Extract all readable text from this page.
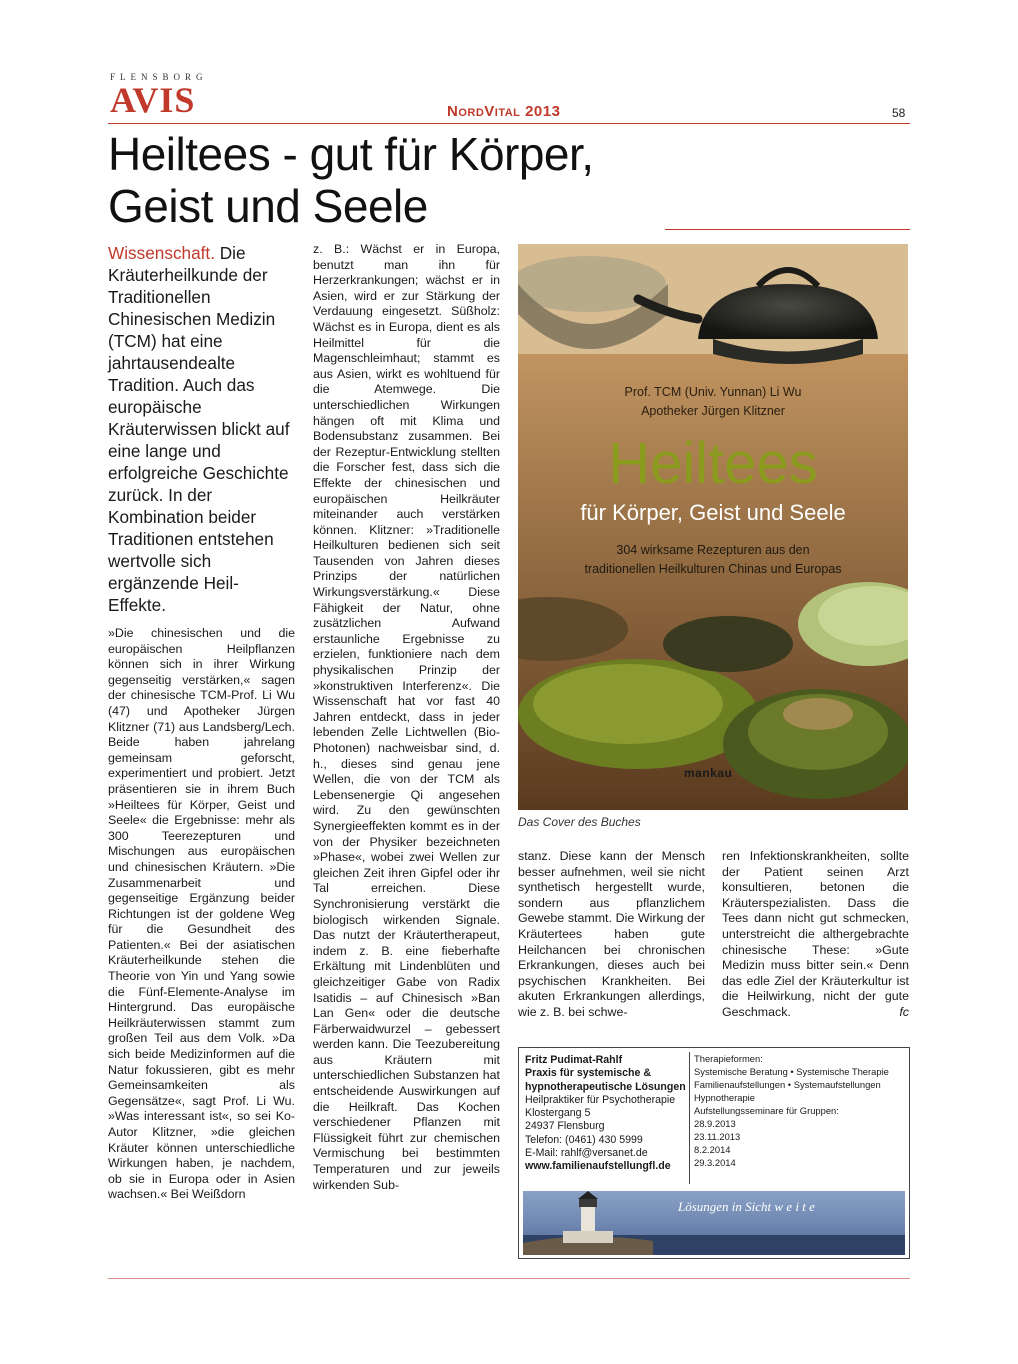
FLENSBORG
AVIS	NordVital 2013	58
Heiltees - gut für Körper, Geist und Seele
Wissenschaft. Die Kräuterheilkunde der Traditionellen Chinesischen Medizin (TCM) hat eine jahrtausendealte Tradition. Auch das europäische Kräuterwissen blickt auf eine lange und erfolgreiche Geschichte zurück. In der Kombination beider Traditionen entstehen wertvolle sich ergänzende Heil-Effekte.
»Die chinesischen und die europäischen Heilpflanzen können sich in ihrer Wirkung gegenseitig verstärken,« sagen der chinesische TCM-Prof. Li Wu (47) und Apotheker Jürgen Klitzner (71) aus Landsberg/Lech. Beide haben jahrelang gemeinsam geforscht, experimentiert und probiert. Jetzt präsentieren sie in ihrem Buch »Heiltees für Körper, Geist und Seele« die Ergebnisse: mehr als 300 Teerezepturen und Mischungen aus europäischen und chinesischen Kräutern. »Die Zusammenarbeit und gegenseitige Ergänzung beider Richtungen ist der goldene Weg für die Gesundheit des Patienten.« Bei der asiatischen Kräuterheilkunde stehen die Theorie von Yin und Yang sowie die Fünf-Elemente-Analyse im Hintergrund. Das europäische Heilkräuterwissen stammt zum großen Teil aus dem Volk. »Da sich beide Medizinformen auf die Natur fokussieren, gibt es mehr Gemeinsamkeiten als Gegensätze«, sagt Prof. Li Wu. »Was interessant ist«, so sei Ko-Autor Klitzner, »die gleichen Kräuter können unterschiedliche Wirkungen haben, je nachdem, ob sie in Europa oder in Asien wachsen.« Bei Weißdorn
z. B.: Wächst er in Europa, benutzt man ihn für Herzerkrankungen; wächst er in Asien, wird er zur Stärkung der Verdauung eingesetzt. Süßholz: Wächst es in Europa, dient es als Heilmittel für die Magenschleimhaut; stammt es aus Asien, wirkt es wohltuend für die Atemwege. Die unterschiedlichen Wirkungen hängen oft mit Klima und Bodensubstanz zusammen. Bei der Rezeptur-Entwicklung stellten die Forscher fest, dass sich die Effekte der chinesischen und europäischen Heilkräuter miteinander auch verstärken können. Klitzner: »Traditionelle Heilkulturen bedienen sich seit Tausenden von Jahren dieses Prinzips der natürlichen Wirkungsverstärkung.« Diese Fähigkeit der Natur, ohne zusätzlichen Aufwand erstaunliche Ergebnisse zu erzielen, funktioniere nach dem physikalischen Prinzip der »konstruktiven Interferenz«. Die Wissenschaft hat vor fast 40 Jahren entdeckt, dass in jeder lebenden Zelle Lichtwellen (Bio-Photonen) nachweisbar sind, d. h., dieses sind genau jene Wellen, die von der TCM als Lebensenergie Qi angesehen wird. Zu den gewünschten Synergieeffekten kommt es in der von der Physiker bezeichneten »Phase«, wobei zwei Wellen zur gleichen Zeit ihren Gipfel oder ihr Tal erreichen. Diese Synchronisierung verstärkt die biologisch wirkenden Signale. Das nutzt der Kräutertherapeut, indem z. B. eine fieberhafte Erkältung mit Lindenblüten und gleichzeitiger Gabe von Radix Isatidis – auf Chinesisch »Ban Lan Gen« oder die deutsche Färberwaidwurzel – gebessert werden kann. Die Teezubereitung aus Kräutern mit unterschiedlichen Substanzen hat entscheidende Auswirkungen auf die Heilkraft. Das Kochen verschiedener Pflanzen mit Flüssigkeit führt zur chemischen Vermischung bei bestimmten Temperaturen und zur jeweils wirkenden Sub-
stanz. Diese kann der Mensch besser aufnehmen, weil sie nicht synthetisch hergestellt wurde, sondern aus pflanzlichem Gewebe stammt. Die Wirkung der Kräutertees haben gute Heilchancen bei chronischen Erkrankungen, dieses auch bei psychischen Krankheiten. Bei akuten Erkrankungen allerdings, wie z. B. bei schwe-
ren Infektionskrankheiten, sollte der Patient seinen Arzt konsultieren, betonen die Kräuterspezialisten. Dass die Tees dann nicht gut schmecken, unterstreicht die althergebrachte chinesische These: »Gute Medizin muss bitter sein.« Denn das edle Ziel der Kräuterkultur ist die Heilwirkung, nicht der gute Geschmack.	fc
Prof. TCM (Univ. Yunnan) Li Wu
Apotheker Jürgen Klitzner
Heiltees
für Körper, Geist und Seele
304 wirksame Rezepturen aus den
traditionellen Heilkulturen Chinas und Europas
mankau
Das Cover des Buches
Fritz Pudimat-Rahlf
Praxis für systemische &
hypnotherapeutische Lösungen
Heilpraktiker für Psychotherapie
Klostergang 5
24937 Flensburg
Telefon: (0461) 430 5999
E-Mail: rahlf@versanet.de
www.familienaufstellungfl.de
Therapieformen:
Systemische Beratung • Systemische Therapie
Familienaufstellungen • Systemaufstellungen
Hypnotherapie
Aufstellungsseminare für Gruppen:
28.9.2013
23.11.2013
8.2.2014
29.3.2014
Lösungen in Sicht w e i t e
